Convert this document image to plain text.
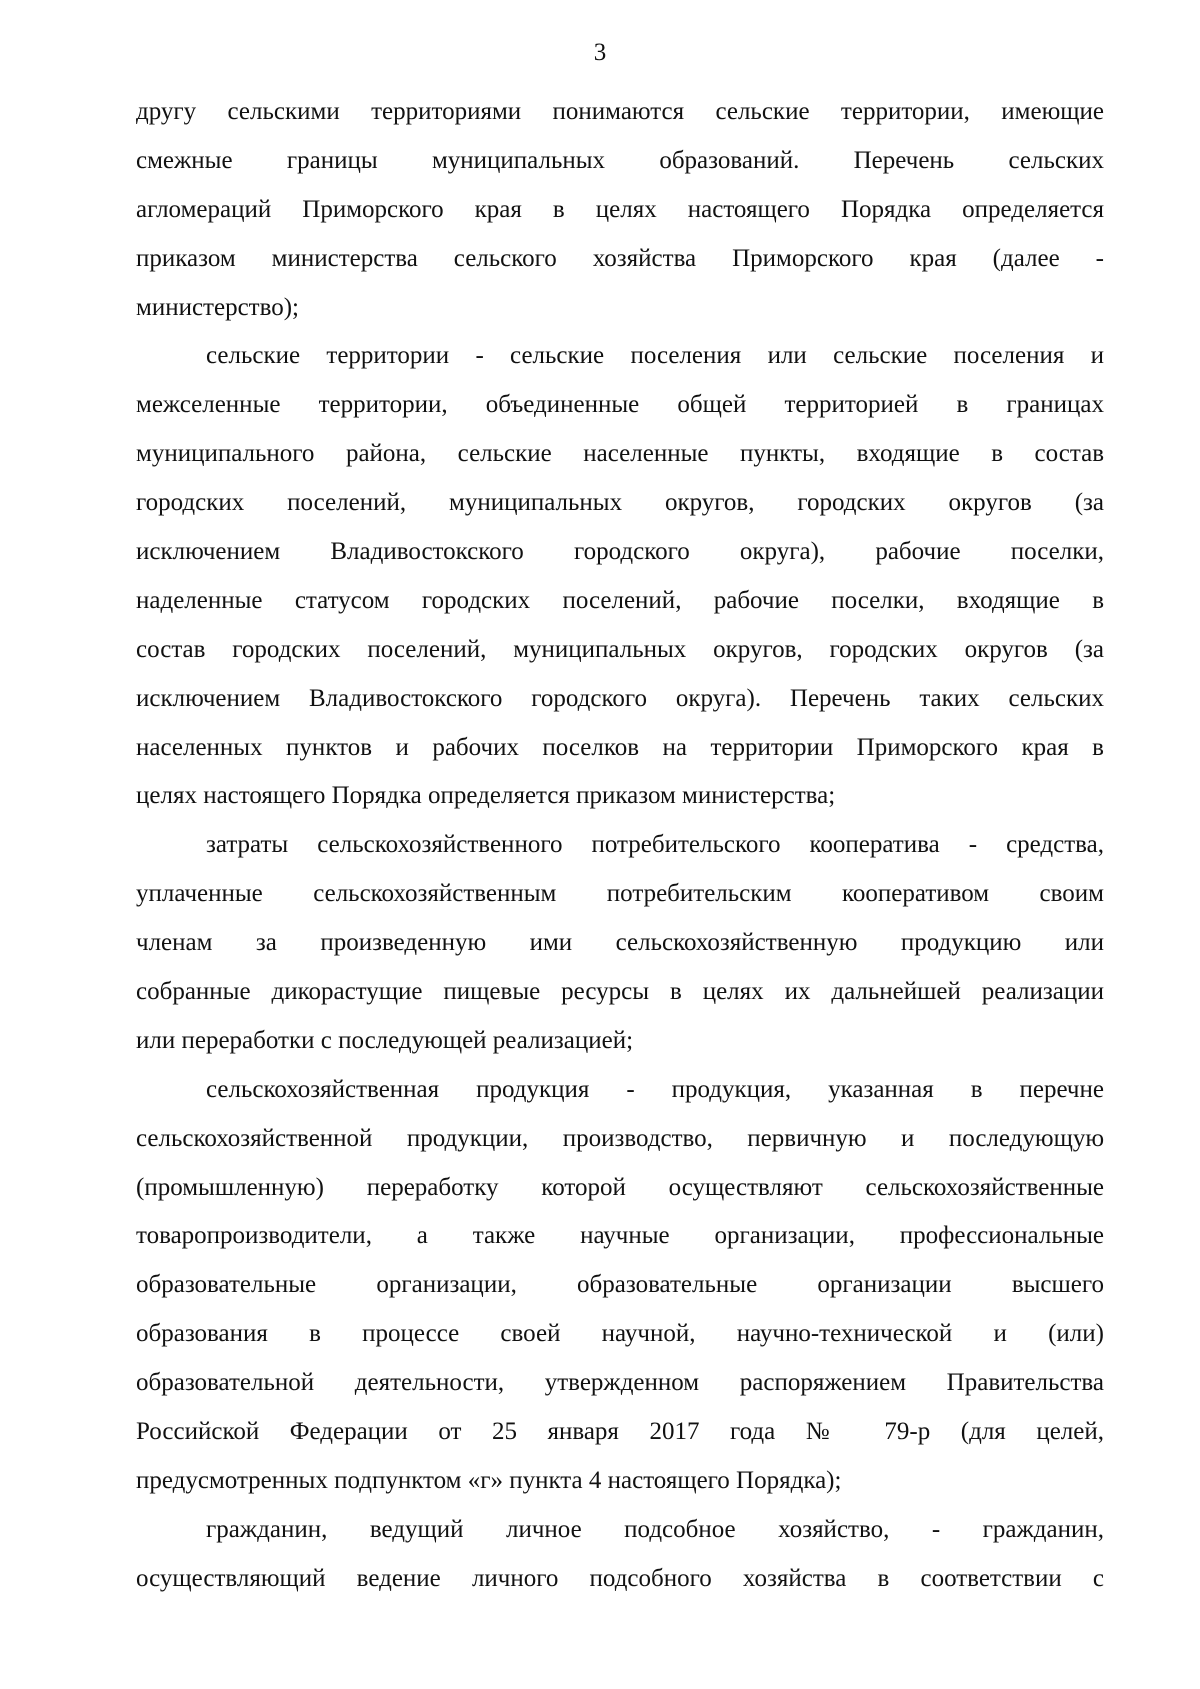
3
другу сельскими территориями понимаются сельские территории, имеющие
смежные границы муниципальных образований. Перечень сельских
агломераций Приморского края в целях настоящего Порядка определяется
приказом министерства сельского хозяйства Приморского края (далее -
министерство);
сельские территории - сельские поселения или сельские поселения и
межселенные территории, объединенные общей территорией в границах
муниципального района, сельские населенные пункты, входящие в состав
городских поселений, муниципальных округов, городских округов (за
исключением Владивостокского городского округа), рабочие поселки,
наделенные статусом городских поселений, рабочие поселки, входящие в
состав городских поселений, муниципальных округов, городских округов (за
исключением Владивостокского городского округа). Перечень таких сельских
населенных пунктов и рабочих поселков на территории Приморского края в
целях настоящего Порядка определяется приказом министерства;
затраты сельскохозяйственного потребительского кооператива - средства,
уплаченные сельскохозяйственным потребительским кооперативом своим
членам за произведенную ими сельскохозяйственную продукцию или
собранные дикорастущие пищевые ресурсы в целях их дальнейшей реализации
или переработки с последующей реализацией;
сельскохозяйственная продукция - продукция, указанная в перечне
сельскохозяйственной продукции, производство, первичную и последующую
(промышленную) переработку которой осуществляют сельскохозяйственные
товаропроизводители, а также научные организации, профессиональные
образовательные организации, образовательные организации высшего
образования в процессе своей научной, научно-технической и (или)
образовательной деятельности, утвержденном распоряжением Правительства
Российской Федерации от 25 января 2017 года № 79-р (для целей,
предусмотренных подпунктом «г» пункта 4 настоящего Порядка);
гражданин, ведущий личное подсобное хозяйство, - гражданин,
осуществляющий ведение личного подсобного хозяйства в соответствии с
